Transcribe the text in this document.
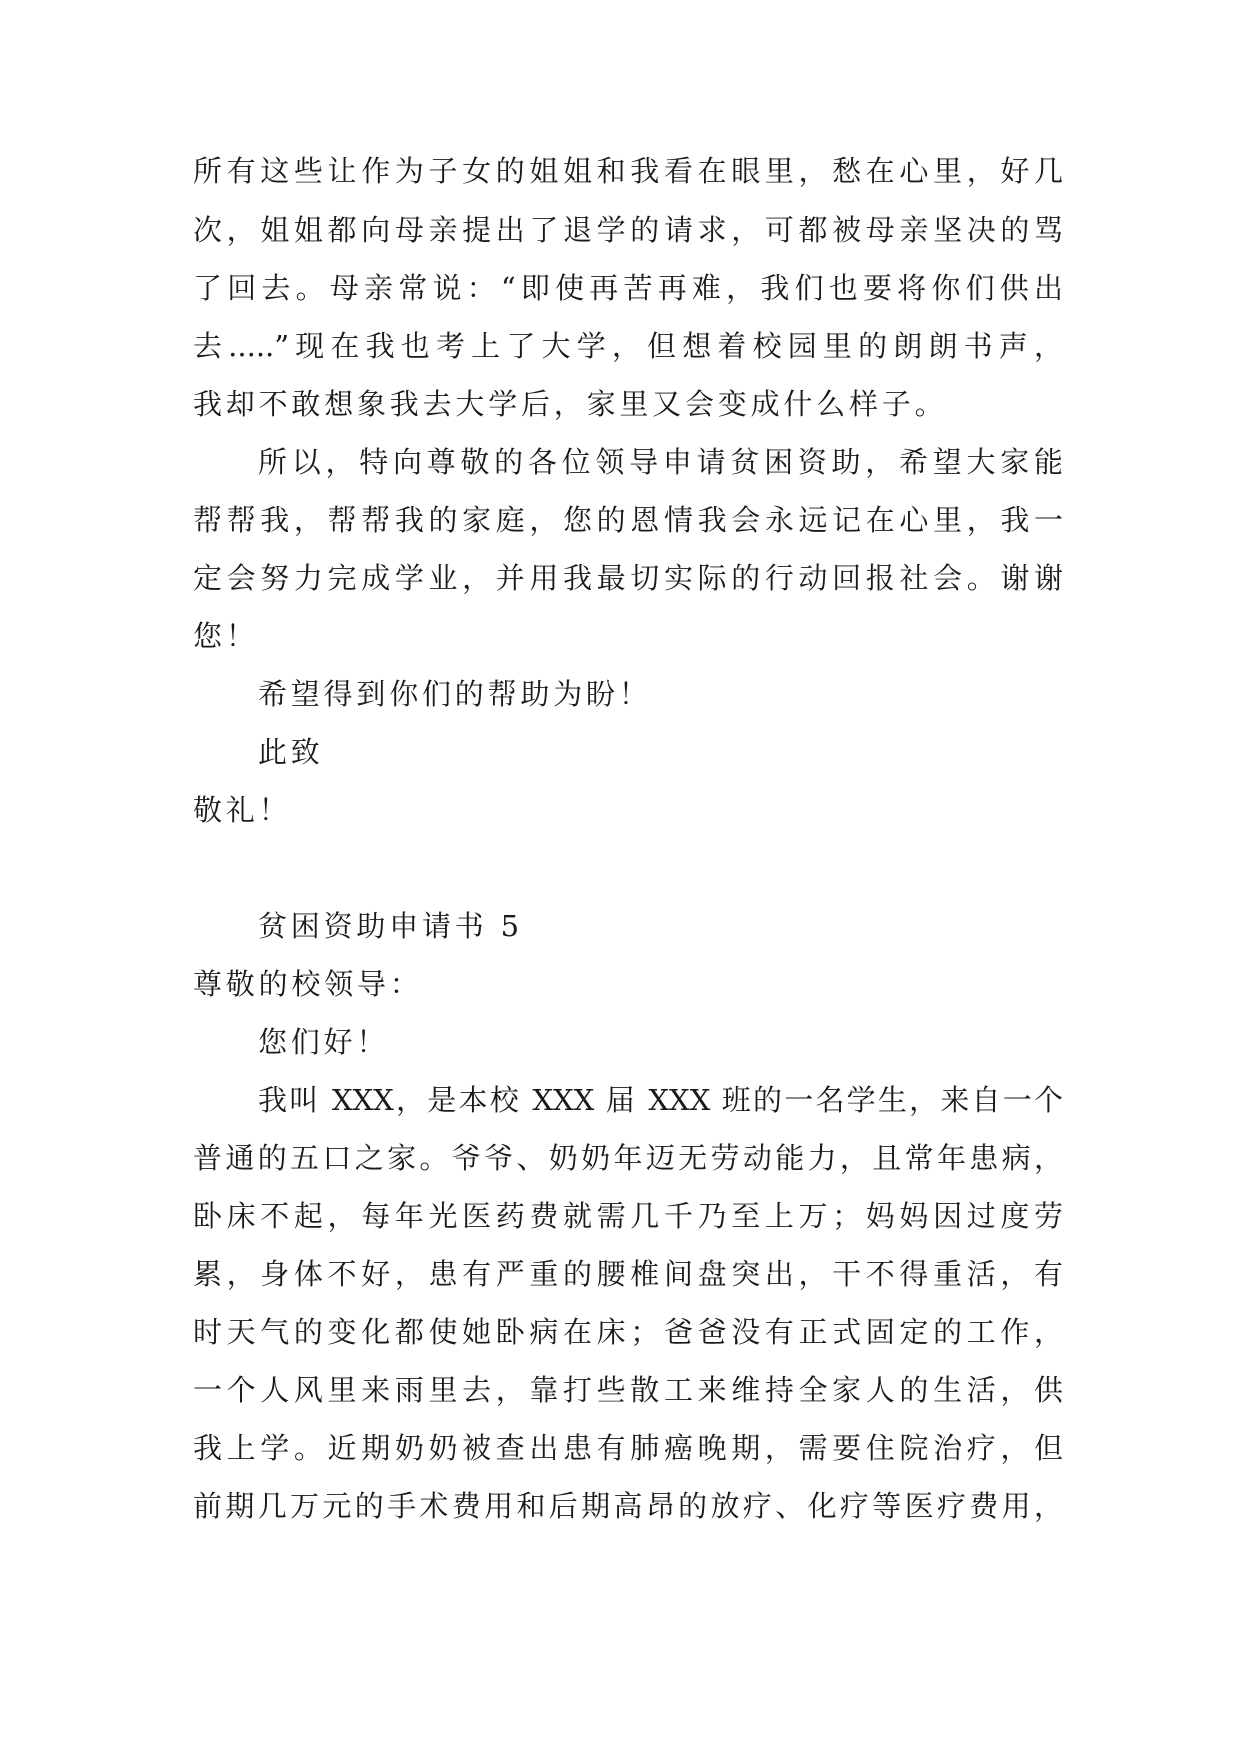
所有这些让作为子女的姐姐和我看在眼里，愁在心里，好几
次，姐姐都向母亲提出了退学的请求，可都被母亲坚决的骂
了回去。母亲常说：“即使再苦再难，我们也要将你们供出
去.....”现在我也考上了大学，但想着校园里的朗朗书声，
我却不敢想象我去大学后，家里又会变成什么样子。
所以，特向尊敬的各位领导申请贫困资助，希望大家能
帮帮我，帮帮我的家庭，您的恩情我会永远记在心里，我一
定会努力完成学业，并用我最切实际的行动回报社会。谢谢
您！
希望得到你们的帮助为盼！
此致
敬礼！
贫困资助申请书 5
尊敬的校领导：
您们好！
我叫 XXX，是本校 XXX 届 XXX 班的一名学生，来自一个
普通的五口之家。爷爷、奶奶年迈无劳动能力，且常年患病，
卧床不起，每年光医药费就需几千乃至上万；妈妈因过度劳
累，身体不好，患有严重的腰椎间盘突出，干不得重活，有
时天气的变化都使她卧病在床；爸爸没有正式固定的工作，
一个人风里来雨里去，靠打些散工来维持全家人的生活，供
我上学。近期奶奶被查出患有肺癌晚期，需要住院治疗，但
前期几万元的手术费用和后期高昂的放疗、化疗等医疗费用，
